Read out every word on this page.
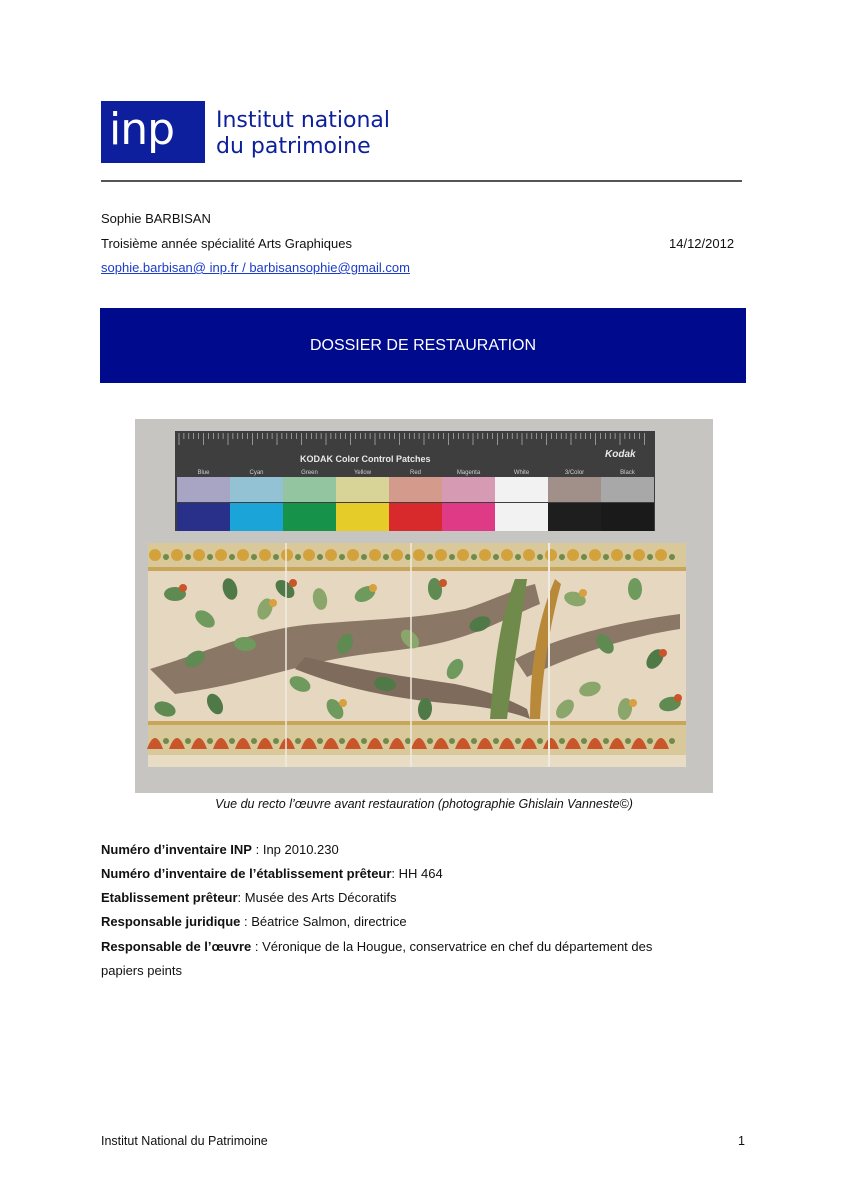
inp	Institut national
du patrimoine
Sophie BARBISAN
Troisième année spécialité Arts Graphiques	14/12/2012
sophie.barbisan@ inp.fr / barbisansophie@gmail.com
DOSSIER DE RESTAURATION
KODAK Color Control Patches	Kodak
Blue	Cyan	Green	Yellow	Red	Magenta	White	3/Color	Black
Vue du recto l’œuvre avant restauration (photographie Ghislain Vanneste©)
Numéro d’inventaire INP : Inp 2010.230
Numéro d’inventaire de l’établissement prêteur: HH 464
Etablissement prêteur: Musée des Arts Décoratifs
Responsable juridique : Béatrice Salmon, directrice
Responsable de l’œuvre : Véronique de la Hougue, conservatrice en chef du département des
papiers peints
Institut National du Patrimoine	1
